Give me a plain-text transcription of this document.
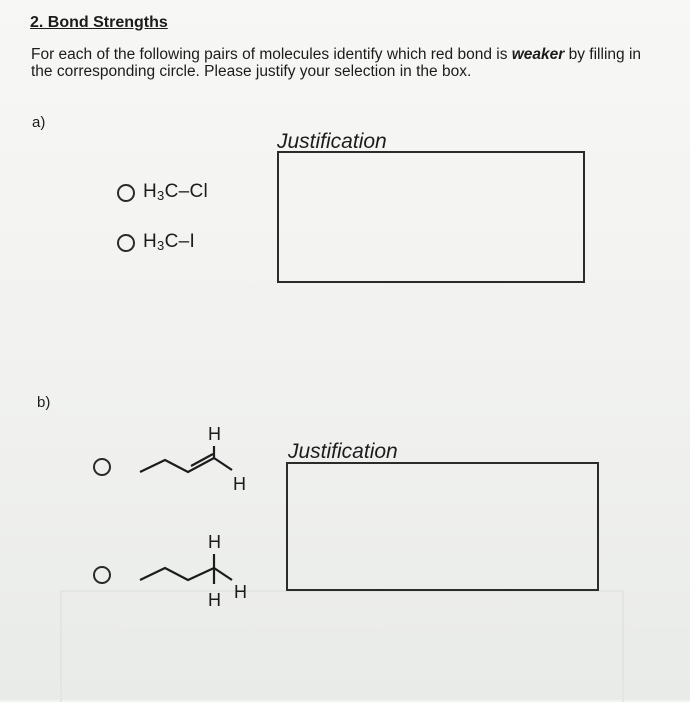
2. Bond Strengths
For each of the following pairs of molecules identify which red bond is weaker by filling in the corresponding circle. Please justify your selection in the box.
a)
Justification
$H_3C-Cl$
$H_3C-I$
b)
Justification
H
H
H
H
H
